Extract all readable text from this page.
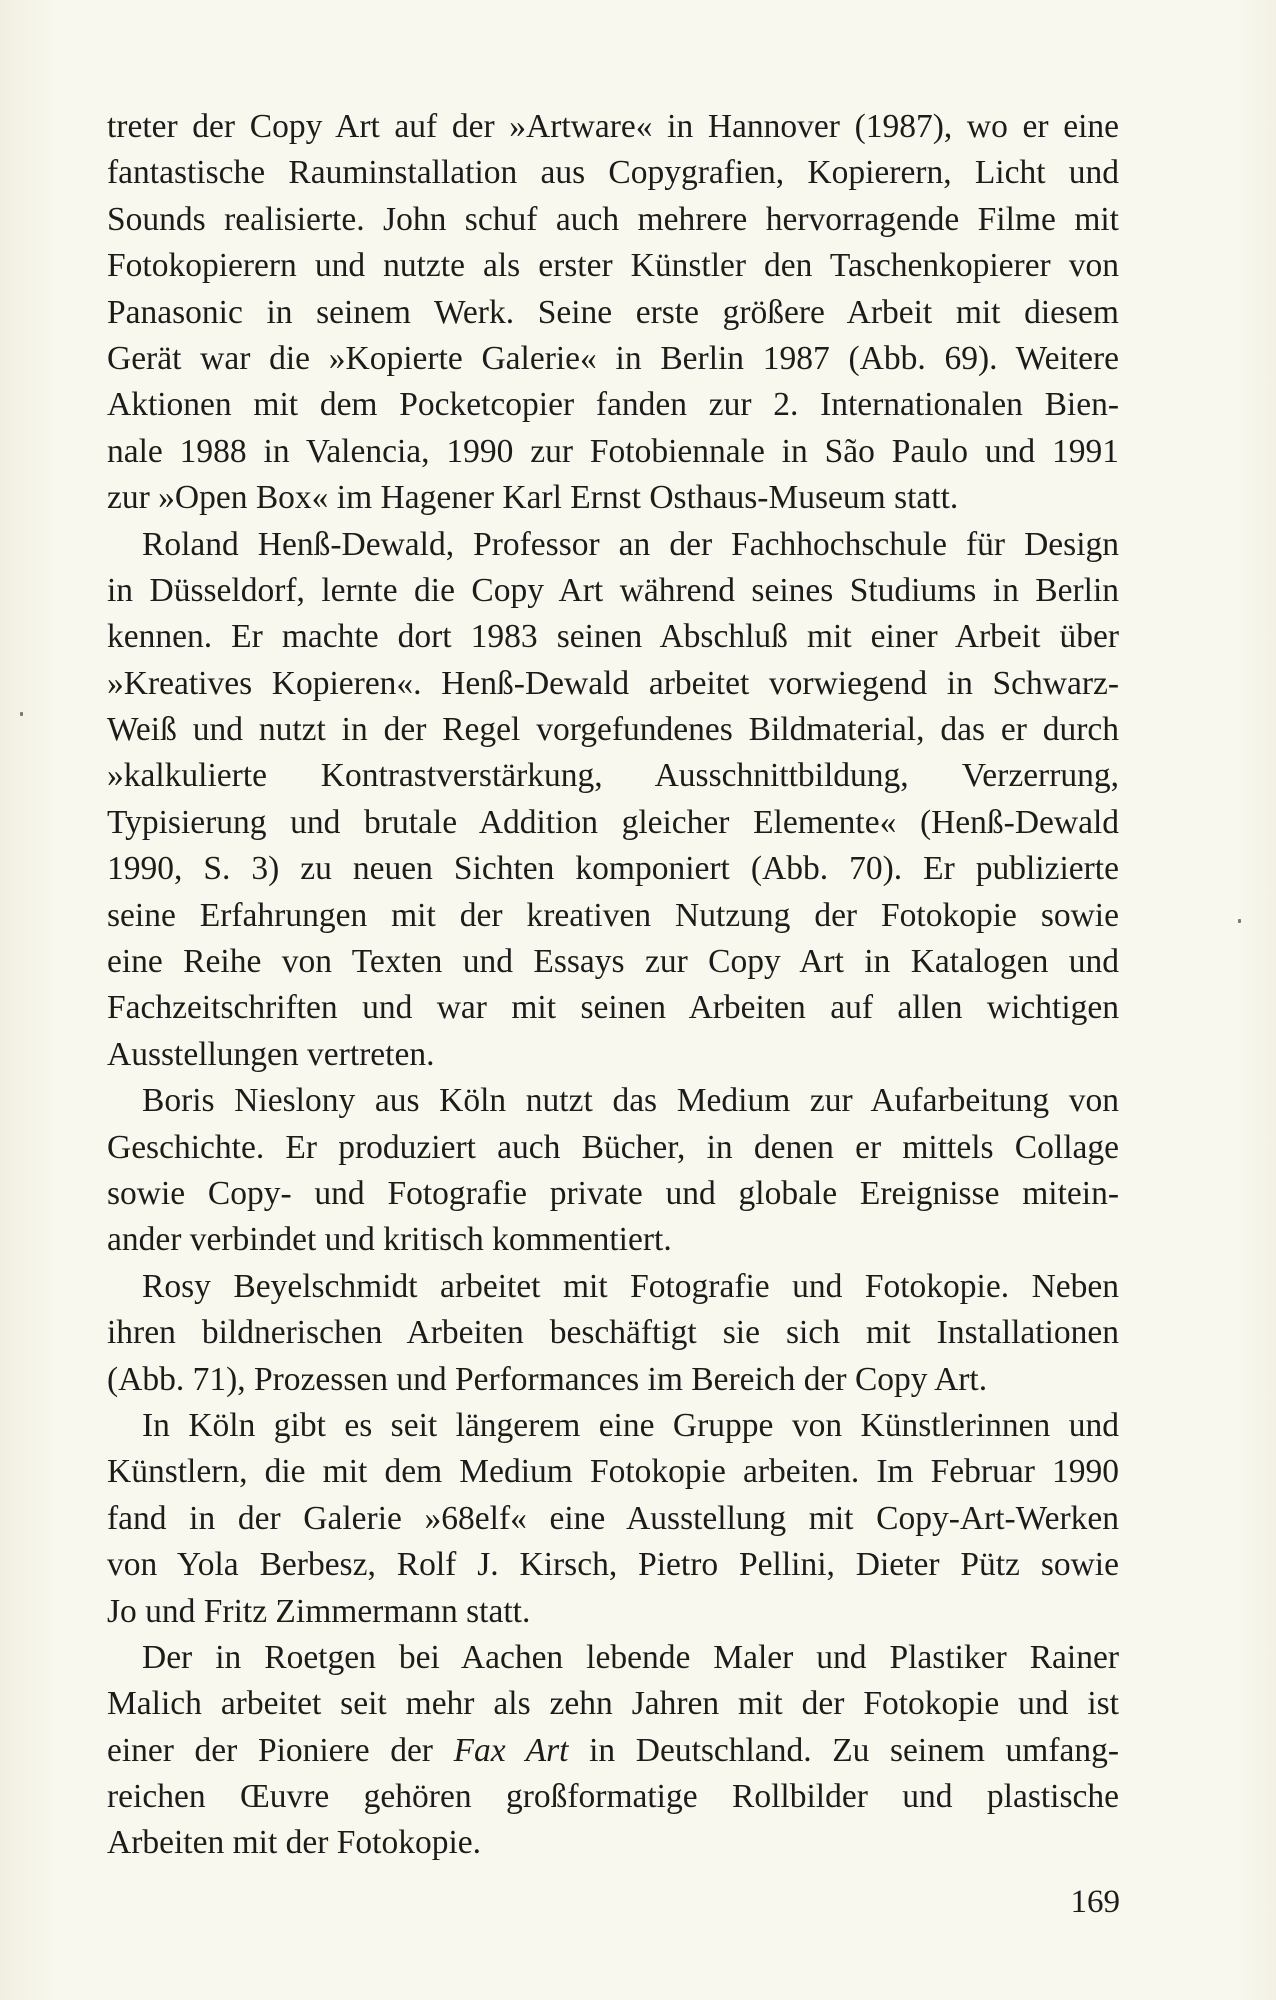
treter der Copy Art auf der »Artware« in Hannover (1987), wo er eine
fantastische Rauminstallation aus Copygrafien, Kopierern, Licht und
Sounds realisierte. John schuf auch mehrere hervorragende Filme mit
Fotokopierern und nutzte als erster Künstler den Taschenkopierer von
Panasonic in seinem Werk. Seine erste größere Arbeit mit diesem
Gerät war die »Kopierte Galerie« in Berlin 1987 (Abb. 69). Weitere
Aktionen mit dem Pocketcopier fanden zur 2. Internationalen Bien-
nale 1988 in Valencia, 1990 zur Fotobiennale in São Paulo und 1991
zur »Open Box« im Hagener Karl Ernst Osthaus-Museum statt.
Roland Henß-Dewald, Professor an der Fachhochschule für Design
in Düsseldorf, lernte die Copy Art während seines Studiums in Berlin
kennen. Er machte dort 1983 seinen Abschluß mit einer Arbeit über
»Kreatives Kopieren«. Henß-Dewald arbeitet vorwiegend in Schwarz-
Weiß und nutzt in der Regel vorgefundenes Bildmaterial, das er durch
»kalkulierte Kontrastverstärkung, Ausschnittbildung, Verzerrung,
Typisierung und brutale Addition gleicher Elemente« (Henß-Dewald
1990, S. 3) zu neuen Sichten komponiert (Abb. 70). Er publizierte
seine Erfahrungen mit der kreativen Nutzung der Fotokopie sowie
eine Reihe von Texten und Essays zur Copy Art in Katalogen und
Fachzeitschriften und war mit seinen Arbeiten auf allen wichtigen
Ausstellungen vertreten.
Boris Nieslony aus Köln nutzt das Medium zur Aufarbeitung von
Geschichte. Er produziert auch Bücher, in denen er mittels Collage
sowie Copy- und Fotografie private und globale Ereignisse mitein-
ander verbindet und kritisch kommentiert.
Rosy Beyelschmidt arbeitet mit Fotografie und Fotokopie. Neben
ihren bildnerischen Arbeiten beschäftigt sie sich mit Installationen
(Abb. 71), Prozessen und Performances im Bereich der Copy Art.
In Köln gibt es seit längerem eine Gruppe von Künstlerinnen und
Künstlern, die mit dem Medium Fotokopie arbeiten. Im Februar 1990
fand in der Galerie »68elf« eine Ausstellung mit Copy-Art-Werken
von Yola Berbesz, Rolf J. Kirsch, Pietro Pellini, Dieter Pütz sowie
Jo und Fritz Zimmermann statt.
Der in Roetgen bei Aachen lebende Maler und Plastiker Rainer
Malich arbeitet seit mehr als zehn Jahren mit der Fotokopie und ist
einer der Pioniere der Fax Art in Deutschland. Zu seinem umfang-
reichen Œuvre gehören großformatige Rollbilder und plastische
Arbeiten mit der Fotokopie.
169
